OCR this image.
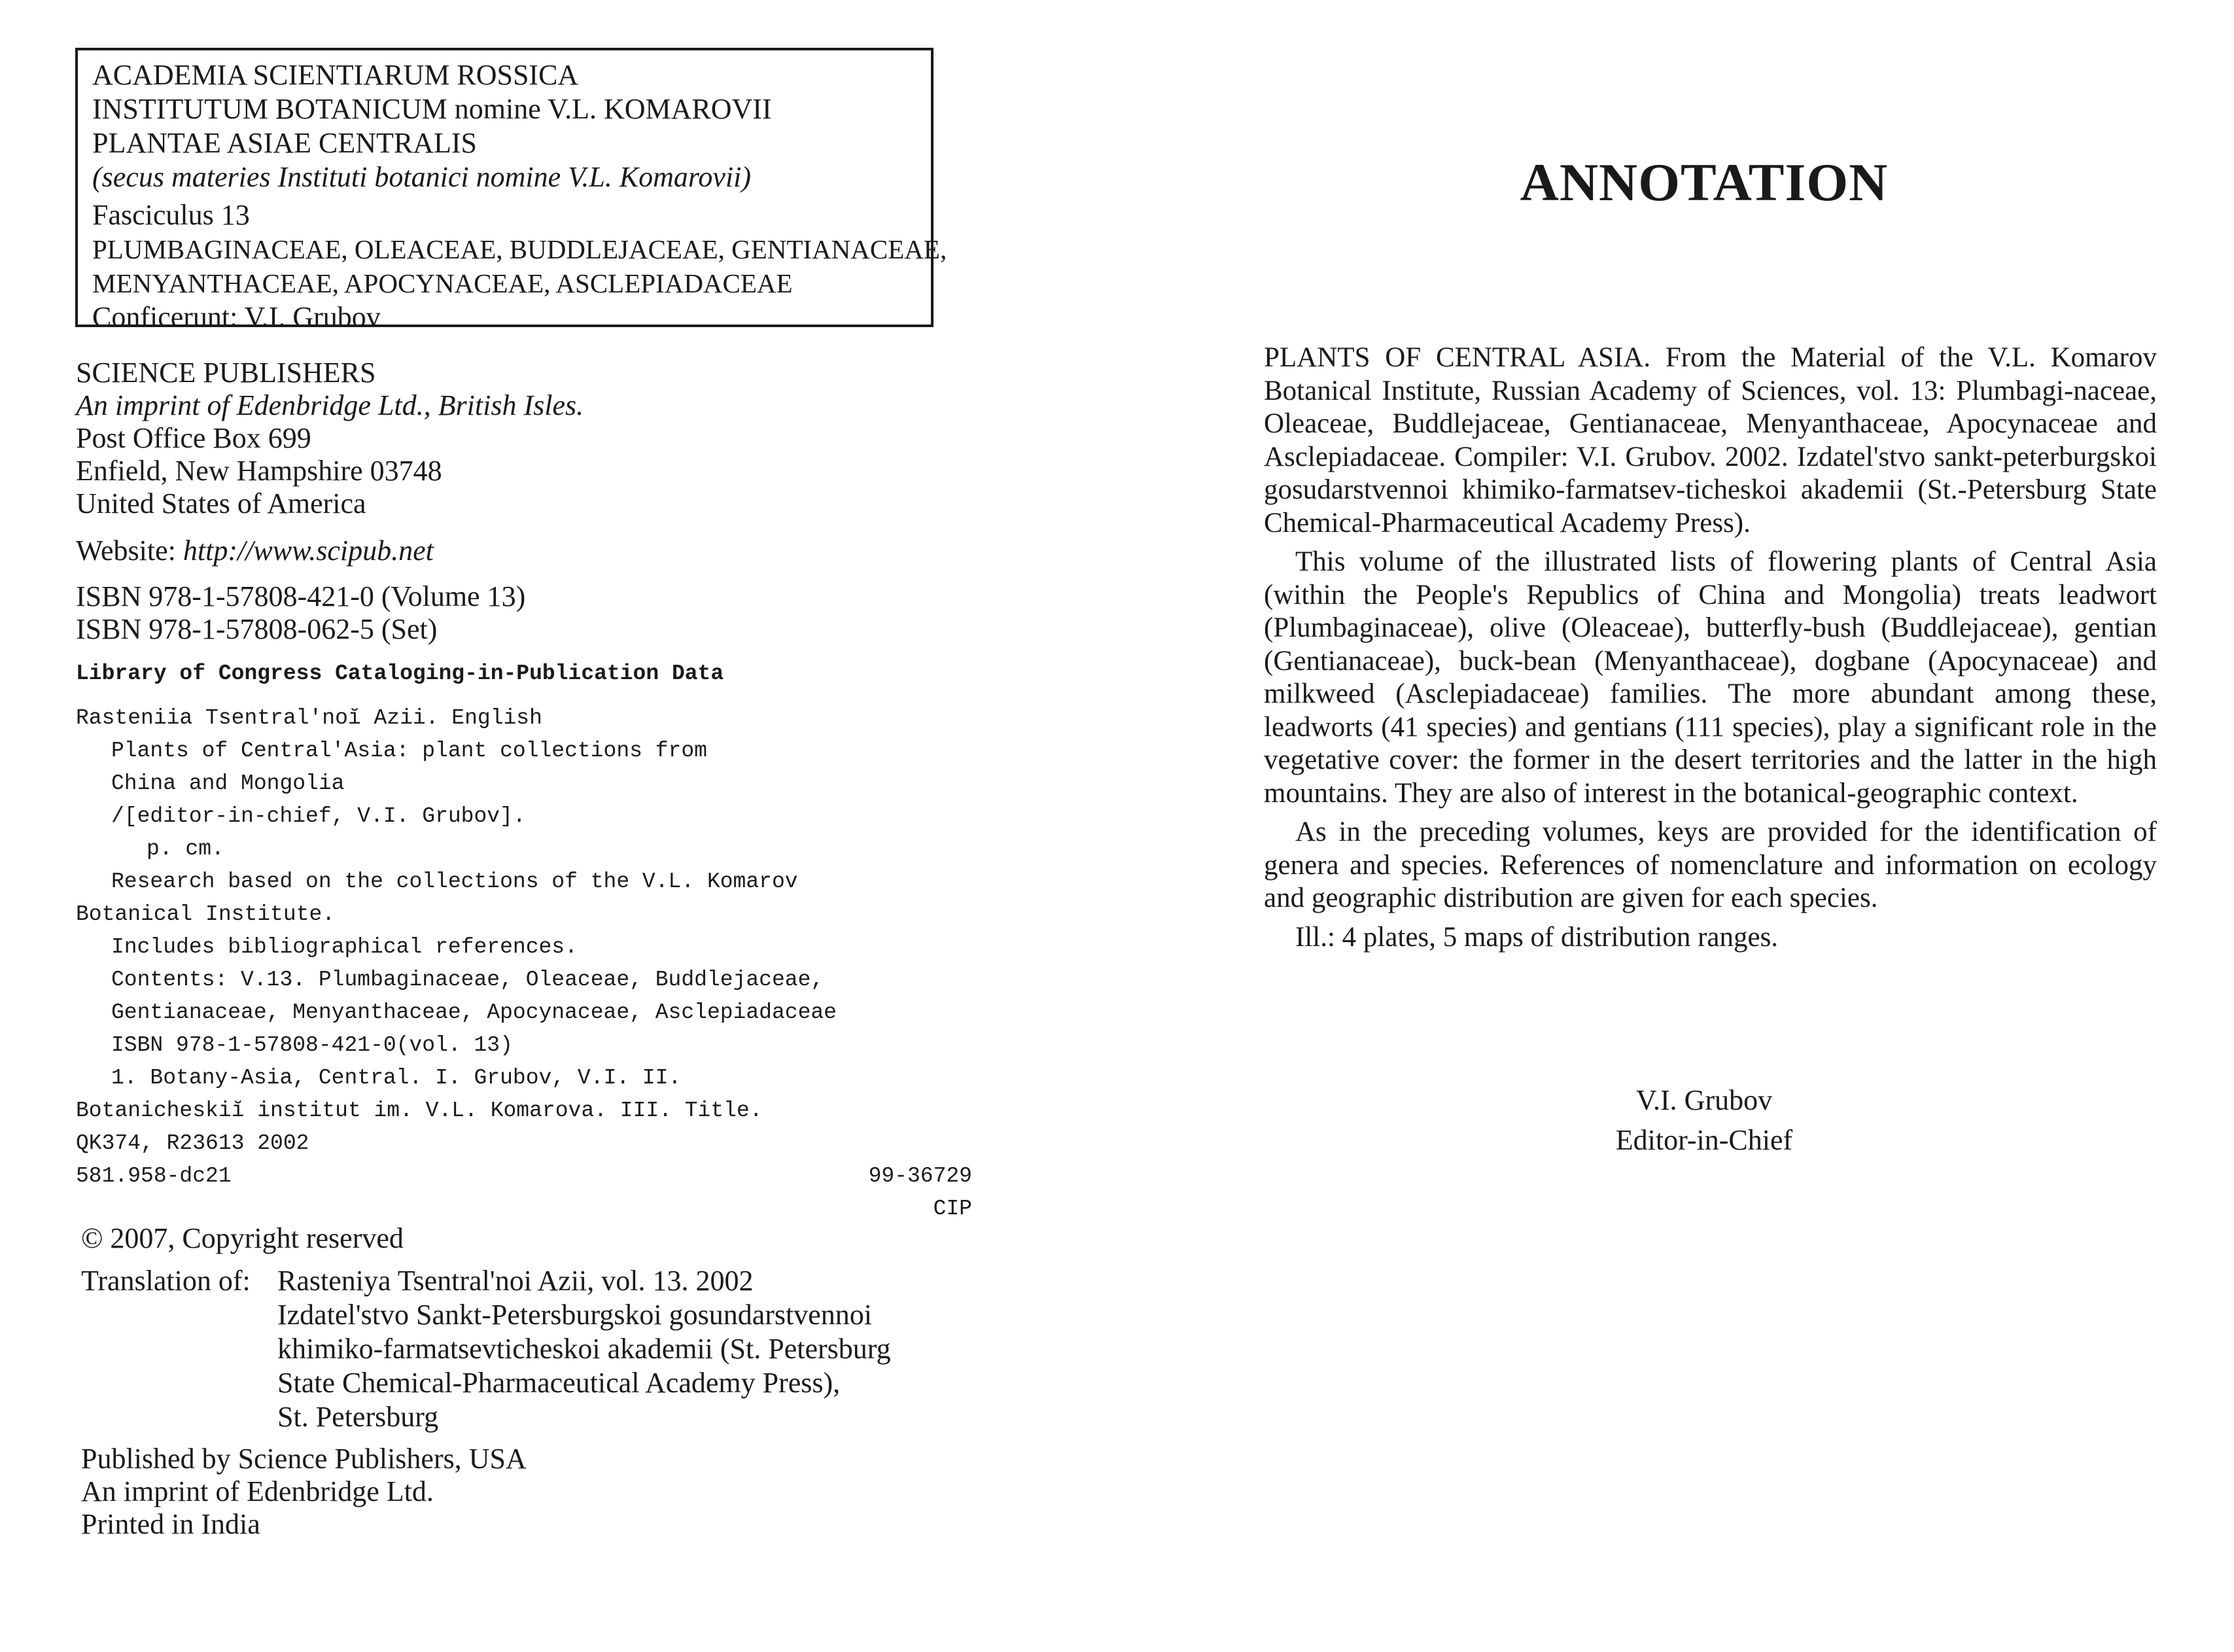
ACADEMIA SCIENTIARUM ROSSICA
INSTITUTUM BOTANICUM nomine V.L. KOMAROVII
PLANTAE ASIAE CENTRALIS
(secus materies Instituti botanici nomine V.L. Komarovii)
Fasciculus 13
PLUMBAGINACEAE, OLEACEAE, BUDDLEJACEAE, GENTIANACEAE,
MENYANTHACEAE, APOCYNACEAE, ASCLEPIADACEAE
Conficerunt: V.I. Grubov
SCIENCE PUBLISHERS
An imprint of Edenbridge Ltd., British Isles.
Post Office Box 699
Enfield, New Hampshire 03748
United States of America
Website: http://www.scipub.net
ISBN 978-1-57808-421-0 (Volume 13)
ISBN 978-1-57808-062-5 (Set)
Library of Congress Cataloging-in-Publication Data
Rasteniia Tsentral'noĭ Azii. English
Plants of Central'Asia: plant collections from
China and Mongolia
/[editor-in-chief, V.I. Grubov].
p. cm.
Research based on the collections of the V.L. Komarov
Botanical Institute.
Includes bibliographical references.
Contents: V.13. Plumbaginaceae, Oleaceae, Buddlejaceae,
Gentianaceae, Menyanthaceae, Apocynaceae, Asclepiadaceae
ISBN 978-1-57808-421-0(vol. 13)
1. Botany-Asia, Central. I. Grubov, V.I. II.
Botanicheskiĭ institut im. V.L. Komarova. III. Title.
QK374, R23613 2002
581.958-dc21	99-36729
CIP
© 2007, Copyright reserved
Translation of: Rasteniya Tsentral'noi Azii, vol. 13. 2002
Izdatel'stvo Sankt-Petersburgskoi gosundarstvennoi
khimiko-farmatsevticheskoi akademii (St. Petersburg
State Chemical-Pharmaceutical Academy Press),
St. Petersburg
Published by Science Publishers, USA
An imprint of Edenbridge Ltd.
Printed in India
ANNOTATION

PLANTS OF CENTRAL ASIA. From the Material of the V.L. Komarov Botanical Institute, Russian Academy of Sciences, vol. 13: Plumbagi-naceae, Oleaceae, Buddlejaceae, Gentianaceae, Menyanthaceae, Apocynaceae and Asclepiadaceae. Compiler: V.I. Grubov. 2002. Izdatel'stvo sankt-peterburgskoi gosudarstvennoi khimiko-farmatsev-ticheskoi akademii (St.-Petersburg State Chemical-Pharmaceutical Academy Press).

This volume of the illustrated lists of flowering plants of Central Asia (within the People's Republics of China and Mongolia) treats leadwort (Plumbaginaceae), olive (Oleaceae), butterfly-bush (Buddlejaceae), gentian (Gentianaceae), buck-bean (Menyanthaceae), dogbane (Apocynaceae) and milkweed (Asclepiadaceae) families. The more abundant among these, leadworts (41 species) and gentians (111 species), play a significant role in the vegetative cover: the former in the desert territories and the latter in the high mountains. They are also of interest in the botanical-geographic context.

As in the preceding volumes, keys are provided for the identification of genera and species. References of nomenclature and information on ecology and geographic distribution are given for each species.

Ill.: 4 plates, 5 maps of distribution ranges.

V.I. Grubov
Editor-in-Chief
